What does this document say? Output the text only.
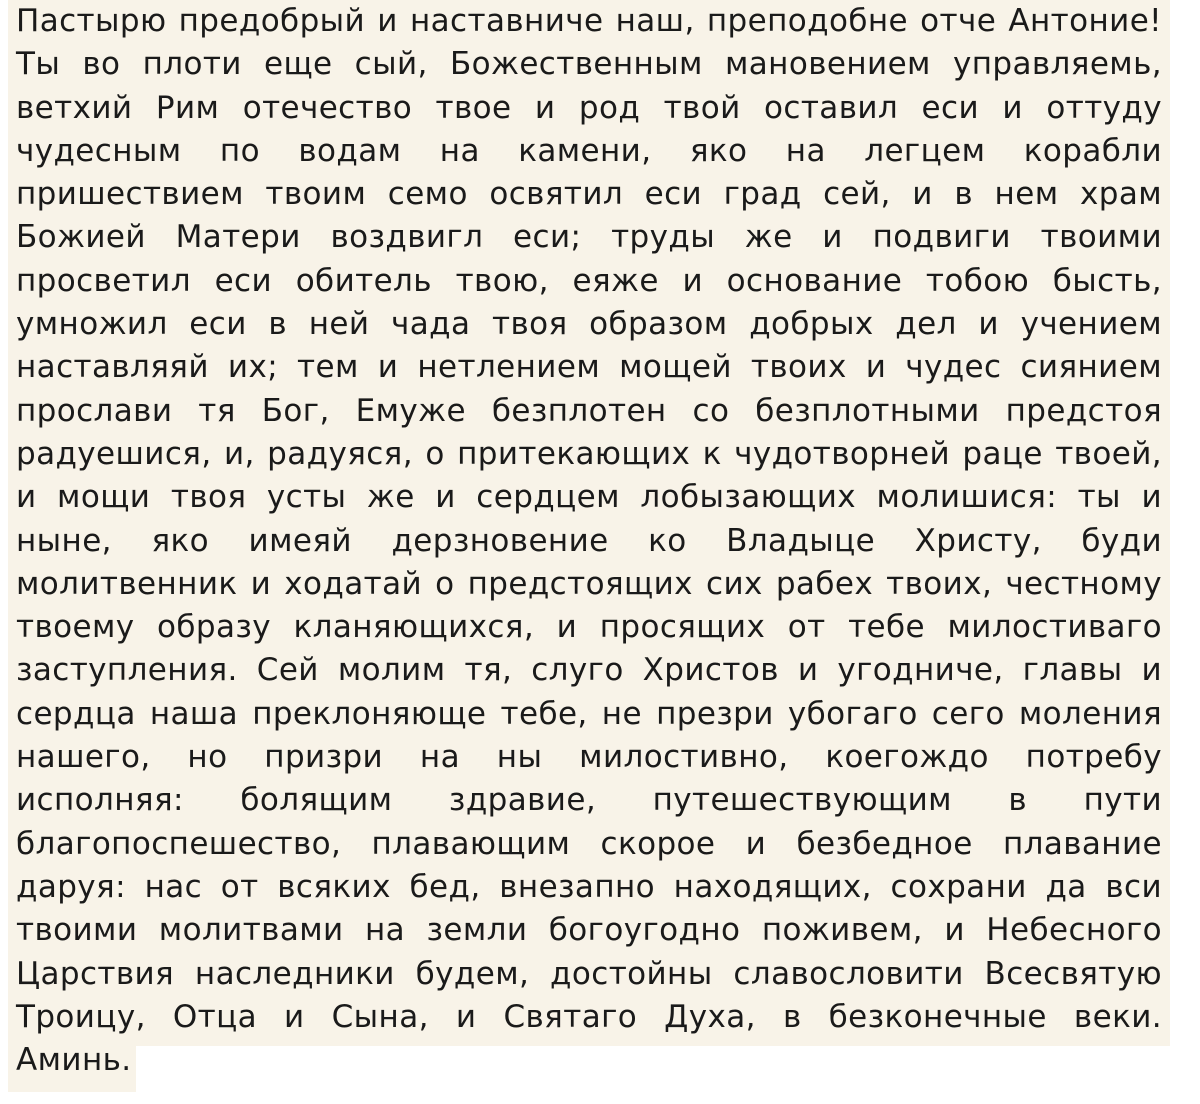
Пастырю предобрый и наставниче наш, преподобне отче Антоние!
Ты во плоти еще сый, Божественным мановением управляемь,
ветхий Рим отечество твое и род твой оставил еси и оттуду
чудесным по водам на камени, яко на легцем корабли
пришествием твоим семо освятил еси град сей, и в нем храм
Божией Матери воздвигл еси; труды же и подвиги твоими
просветил еси обитель твою, еяже и основание тобою бысть,
умножил еси в ней чада твоя образом добрых дел и учением
наставляяй их; тем и нетлением мощей твоих и чудес сиянием
прослави тя Бог, Емуже безплотен со безплотными предстоя
радуешися, и, радуяся, о притекающих к чудотворней раце твоей,
и мощи твоя усты же и сердцем лобызающих молишися: ты и
ныне, яко имеяй дерзновение ко Владыце Христу, буди
молитвенник и ходатай о предстоящих сих рабех твоих, честному
твоему образу кланяющихся, и просящих от тебе милостиваго
заступления. Сей молим тя, слуго Христов и угодниче, главы и
сердца наша преклоняюще тебе, не презри убогаго сего моления
нашего, но призри на ны милостивно, коегождо потребу
исполняя: болящим здравие, путешествующим в пути
благопоспешество, плавающим скорое и безбедное плавание
даруя: нас от всяких бед, внезапно находящих, сохрани да вси
твоими молитвами на земли богоугодно поживем, и Небесного
Царствия наследники будем, достойны славословити Всесвятую
Троицу, Отца и Сына, и Святаго Духа, в безконечные веки.
Аминь.
